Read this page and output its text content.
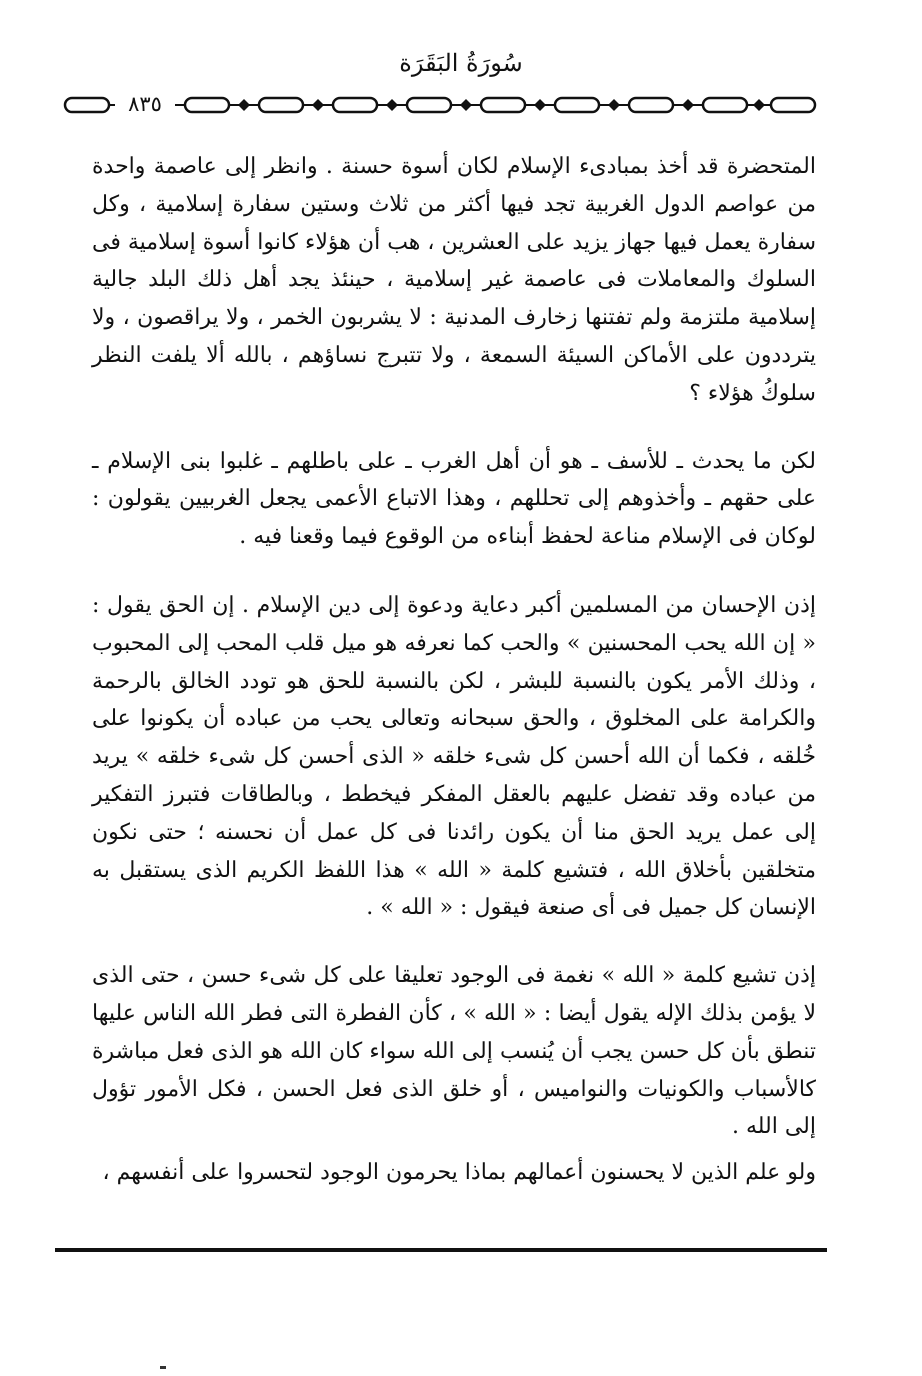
سُورَةُ البَقَرَة
٨٣٥

المتحضرة قد أخذ بمبادىء الإسلام لكان أسوة حسنة . وانظر إلى عاصمة واحدة من عواصم الدول الغربية تجد فيها أكثر من ثلاث وستين سفارة إسلامية ، وكل سفارة يعمل فيها جهاز يزيد على العشرين ، هب أن هؤلاء كانوا أسوة إسلامية فى السلوك والمعاملات فى عاصمة غير إسلامية ، حينئذ يجد أهل ذلك البلد جالية إسلامية ملتزمة ولم تفتنها زخارف المدنية : لا يشربون الخمر ، ولا يراقصون ، ولا يترددون على الأماكن السيئة السمعة ، ولا تتبرج نساؤهم ، بالله ألا يلفت النظر سلوكُ هؤلاء ؟

لكن ما يحدث ـ للأسف ـ هو أن أهل الغرب ـ على باطلهم ـ غلبوا بنى الإسلام ـ على حقهم ـ وأخذوهم إلى تحللهم ، وهذا الاتباع الأعمى يجعل الغربيين يقولون : لوكان فى الإسلام مناعة لحفظ أبناءه من الوقوع فيما وقعنا فيه .

إذن الإحسان من المسلمين أكبر دعاية ودعوة إلى دين الإسلام . إن الحق يقول : « إن الله يحب المحسنين » والحب كما نعرفه هو ميل قلب المحب إلى المحبوب ، وذلك الأمر يكون بالنسبة للبشر ، لكن بالنسبة للحق هو تودد الخالق بالرحمة والكرامة على المخلوق ، والحق سبحانه وتعالى يحب من عباده أن يكونوا على خُلقه ، فكما أن الله أحسن كل شىء خلقه « الذى أحسن كل شىء خلقه » يريد من عباده وقد تفضل عليهم بالعقل المفكر فيخطط ، وبالطاقات فتبرز التفكير إلى عمل يريد الحق منا أن يكون رائدنا فى كل عمل أن نحسنه ؛ حتى نكون متخلقين بأخلاق الله ، فتشيع كلمة « الله » هذا اللفظ الكريم الذى يستقبل به الإنسان كل جميل فى أى صنعة فيقول : « الله » .

إذن تشيع كلمة « الله » نغمة فى الوجود تعليقا على كل شىء حسن ، حتى الذى لا يؤمن بذلك الإله يقول أيضا : « الله » ، كأن الفطرة التى فطر الله الناس عليها تنطق بأن كل حسن يجب أن يُنسب إلى الله سواء كان الله هو الذى فعل مباشرة كالأسباب والكونيات والنواميس ، أو خلق الذى فعل الحسن ، فكل الأمور تؤول إلى الله .

ولو علم الذين لا يحسنون أعمالهم بماذا يحرمون الوجود لتحسروا على أنفسهم ،
